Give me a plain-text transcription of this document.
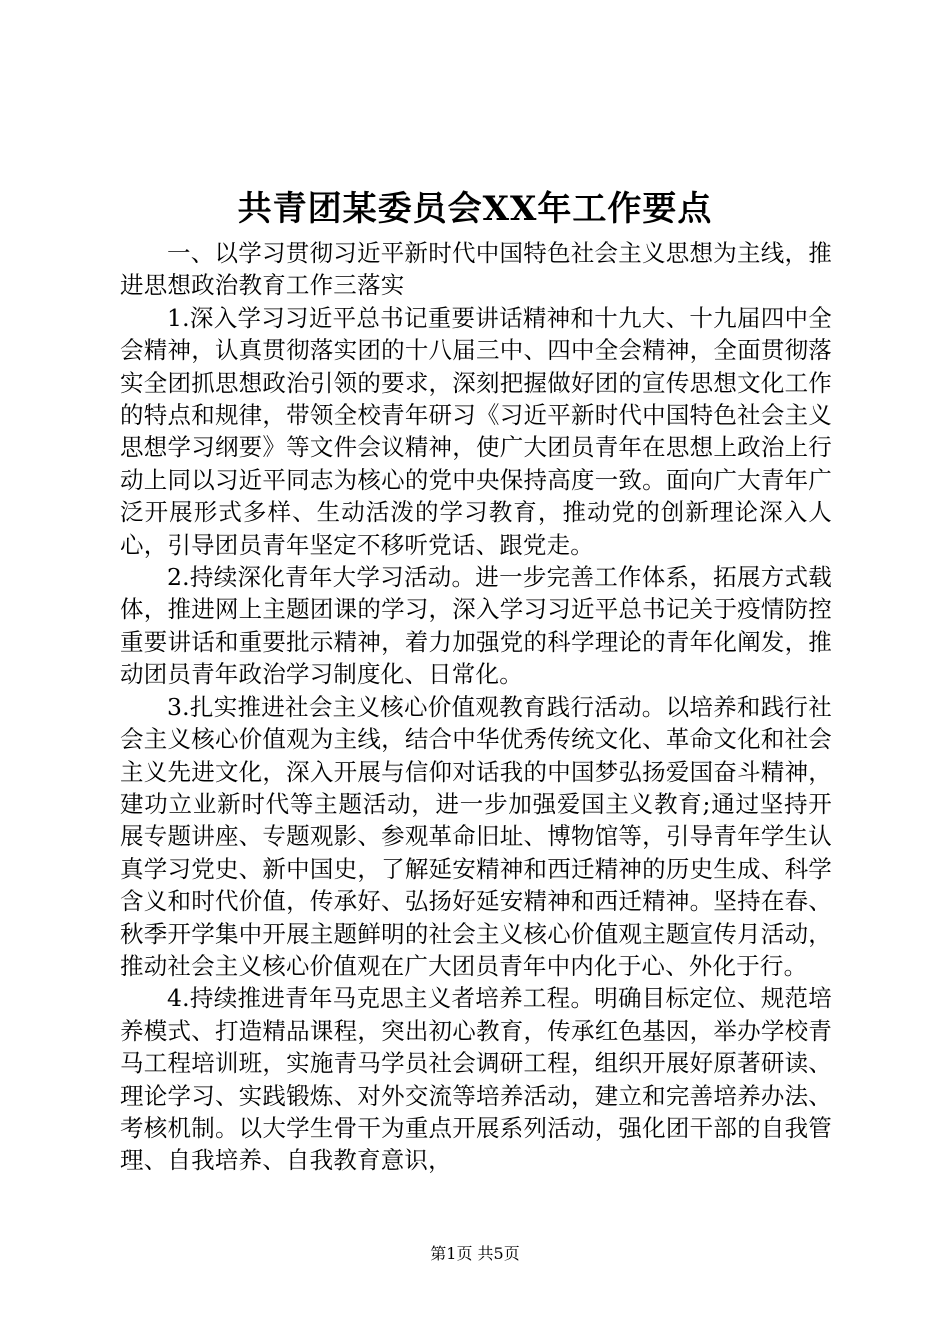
共青团某委员会XX年工作要点

一、以学习贯彻习近平新时代中国特色社会主义思想为主线，推进思想政治教育工作三落实

1.深入学习习近平总书记重要讲话精神和十九大、十九届四中全会精神，认真贯彻落实团的十八届三中、四中全会精神，全面贯彻落实全团抓思想政治引领的要求，深刻把握做好团的宣传思想文化工作的特点和规律，带领全校青年研习《习近平新时代中国特色社会主义思想学习纲要》等文件会议精神，使广大团员青年在思想上政治上行动上同以习近平同志为核心的党中央保持高度一致。面向广大青年广泛开展形式多样、生动活泼的学习教育，推动党的创新理论深入人心，引导团员青年坚定不移听党话、跟党走。

2.持续深化青年大学习活动。进一步完善工作体系，拓展方式载体，推进网上主题团课的学习，深入学习习近平总书记关于疫情防控重要讲话和重要批示精神，着力加强党的科学理论的青年化阐发，推动团员青年政治学习制度化、日常化。

3.扎实推进社会主义核心价值观教育践行活动。以培养和践行社会主义核心价值观为主线，结合中华优秀传统文化、革命文化和社会主义先进文化，深入开展与信仰对话我的中国梦弘扬爱国奋斗精神，建功立业新时代等主题活动，进一步加强爱国主义教育;通过坚持开展专题讲座、专题观影、参观革命旧址、博物馆等，引导青年学生认真学习党史、新中国史，了解延安精神和西迁精神的历史生成、科学含义和时代价值，传承好、弘扬好延安精神和西迁精神。坚持在春、秋季开学集中开展主题鲜明的社会主义核心价值观主题宣传月活动，推动社会主义核心价值观在广大团员青年中内化于心、外化于行。

4.持续推进青年马克思主义者培养工程。明确目标定位、规范培养模式、打造精品课程，突出初心教育，传承红色基因，举办学校青马工程培训班，实施青马学员社会调研工程，组织开展好原著研读、理论学习、实践锻炼、对外交流等培养活动，建立和完善培养办法、考核机制。以大学生骨干为重点开展系列活动，强化团干部的自我管理、自我培养、自我教育意识，

第1页 共5页
